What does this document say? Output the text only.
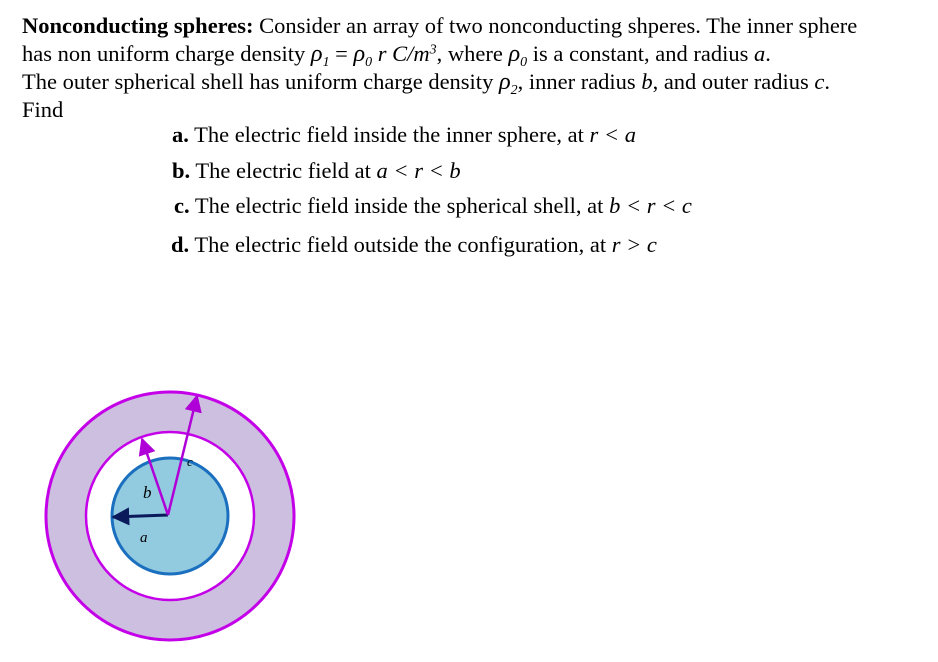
Nonconducting spheres: Consider an array of two nonconducting shperes. The inner sphere
has non uniform charge density $\rho_1 = \rho_0$ r $C/m^3$, where $\rho_0$ is a constant, and radius a.
The outer spherical shell has uniform charge density $\rho_2$, inner radius b, and outer radius c.
Find
a. The electric field inside the inner sphere, at r < a
b. The electric field at a < r < b
c. The electric field inside the spherical shell, at b < r < c
d. The electric field outside the configuration, at r > c
a
b
c
